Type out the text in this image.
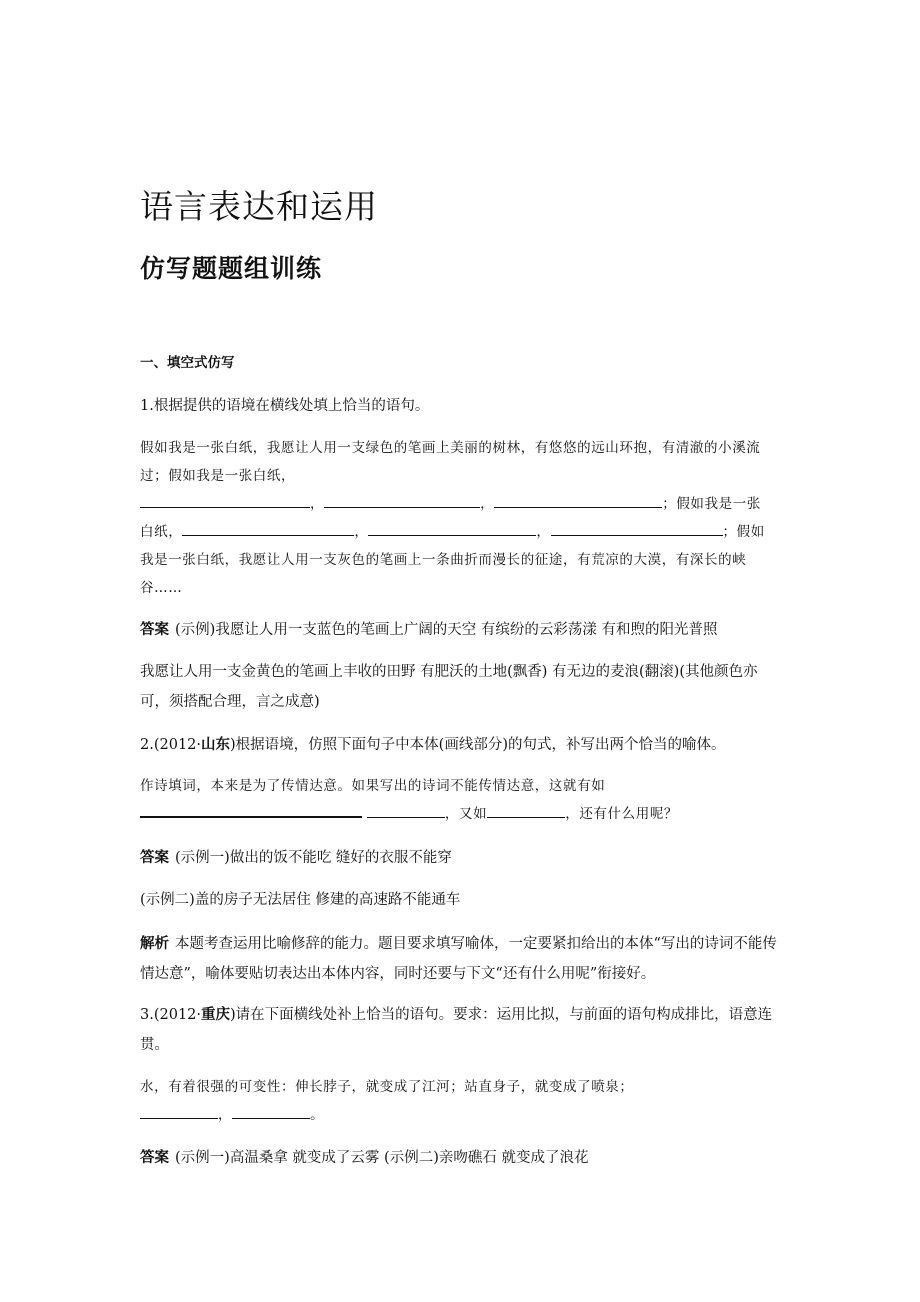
语言表达和运用
仿写题题组训练
一、填空式仿写
1.根据提供的语境在横线处填上恰当的语句。
假如我是一张白纸，我愿让人用一支绿色的笔画上美丽的树林，有悠悠的远山环抱，有清澈的小溪流过；假如我是一张白纸，
，	，	；假如我是一张
白纸，	，	，	；假如
我是一张白纸，我愿让人用一支灰色的笔画上一条曲折而漫长的征途，有荒凉的大漠，有深长的峡谷……
答案 (示例)我愿让人用一支蓝色的笔画上广阔的天空 有缤纷的云彩荡漾 有和煦的阳光普照
我愿让人用一支金黄色的笔画上丰收的田野 有肥沃的土地(飘香) 有无边的麦浪(翻滚)(其他颜色亦可，须搭配合理，言之成意)
2.(2012·山东)根据语境，仿照下面句子中本体(画线部分)的句式，补写出两个恰当的喻体。
作诗填词，本来是为了传情达意。如果写出的诗词不能传情达意，这就有如
，又如	，还有什么用呢？
答案 (示例一)做出的饭不能吃 缝好的衣服不能穿
(示例二)盖的房子无法居住 修建的高速路不能通车
解析 本题考查运用比喻修辞的能力。题目要求填写喻体，一定要紧扣给出的本体“写出的诗词不能传情达意”，喻体要贴切表达出本体内容，同时还要与下文“还有什么用呢”衔接好。
3.(2012·重庆)请在下面横线处补上恰当的语句。要求：运用比拟，与前面的语句构成排比，语意连贯。
水，有着很强的可变性：伸长脖子，就变成了江河；站直身子，就变成了喷泉；
，	。
答案 (示例一)高温桑拿 就变成了云雾 (示例二)亲吻礁石 就变成了浪花
